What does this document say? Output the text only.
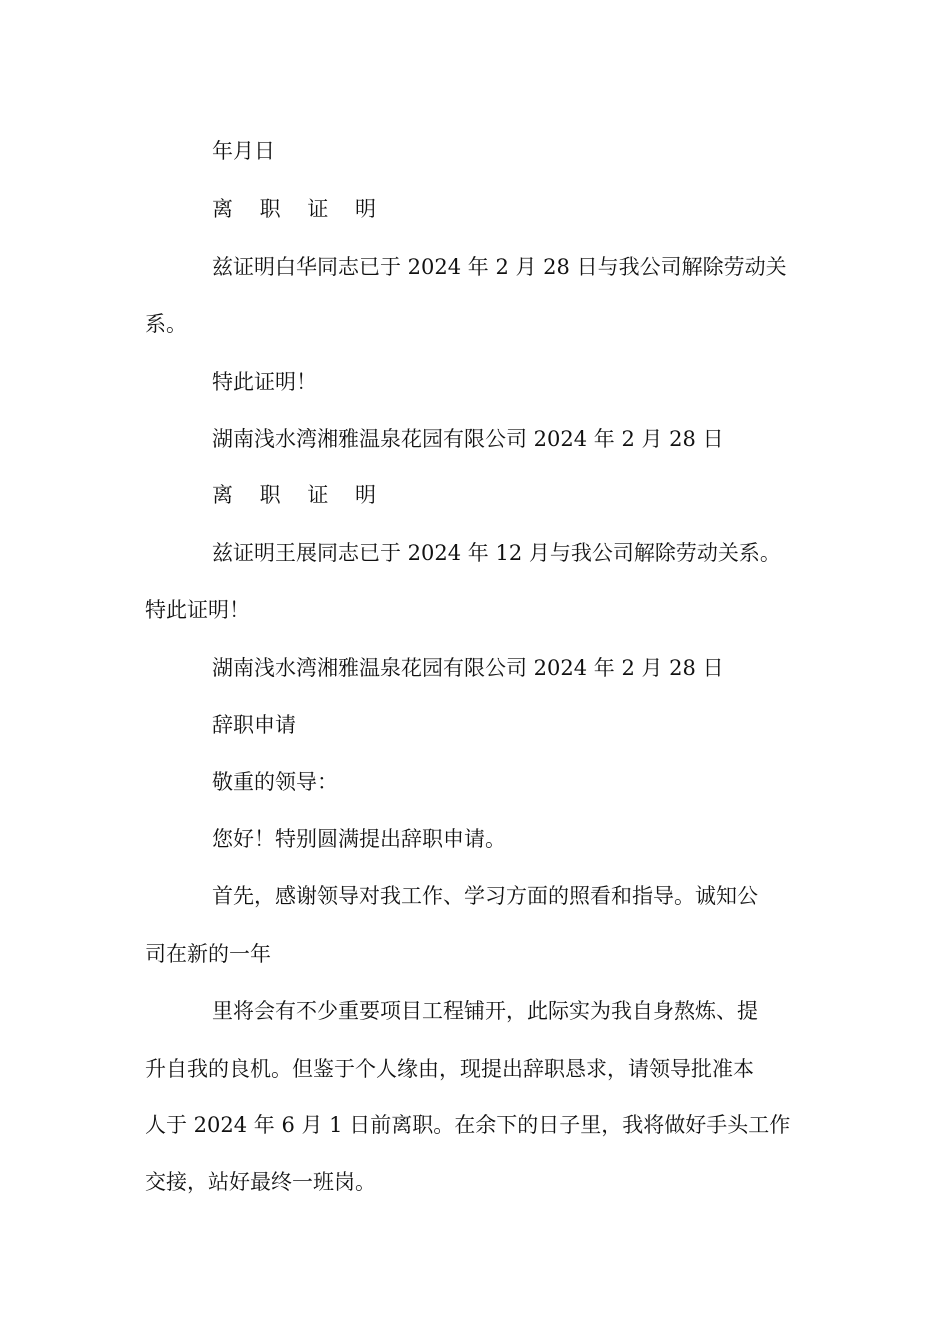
年月日
离 职 证 明
兹证明白华同志已于 2024 年 2 月 28 日与我公司解除劳动关
系。
特此证明！
湖南浅水湾湘雅温泉花园有限公司 2024 年 2 月 28 日
离 职 证 明
兹证明王展同志已于 2024 年 12 月与我公司解除劳动关系。
特此证明！
湖南浅水湾湘雅温泉花园有限公司 2024 年 2 月 28 日
辞职申请
敬重的领导：
您好！特别圆满提出辞职申请。
首先，感谢领导对我工作、学习方面的照看和指导。诚知公
司在新的一年
里将会有不少重要项目工程铺开，此际实为我自身熬炼、提
升自我的良机。但鉴于个人缘由，现提出辞职恳求，请领导批准本
人于 2024 年 6 月 1 日前离职。在余下的日子里，我将做好手头工作
交接，站好最终一班岗。
